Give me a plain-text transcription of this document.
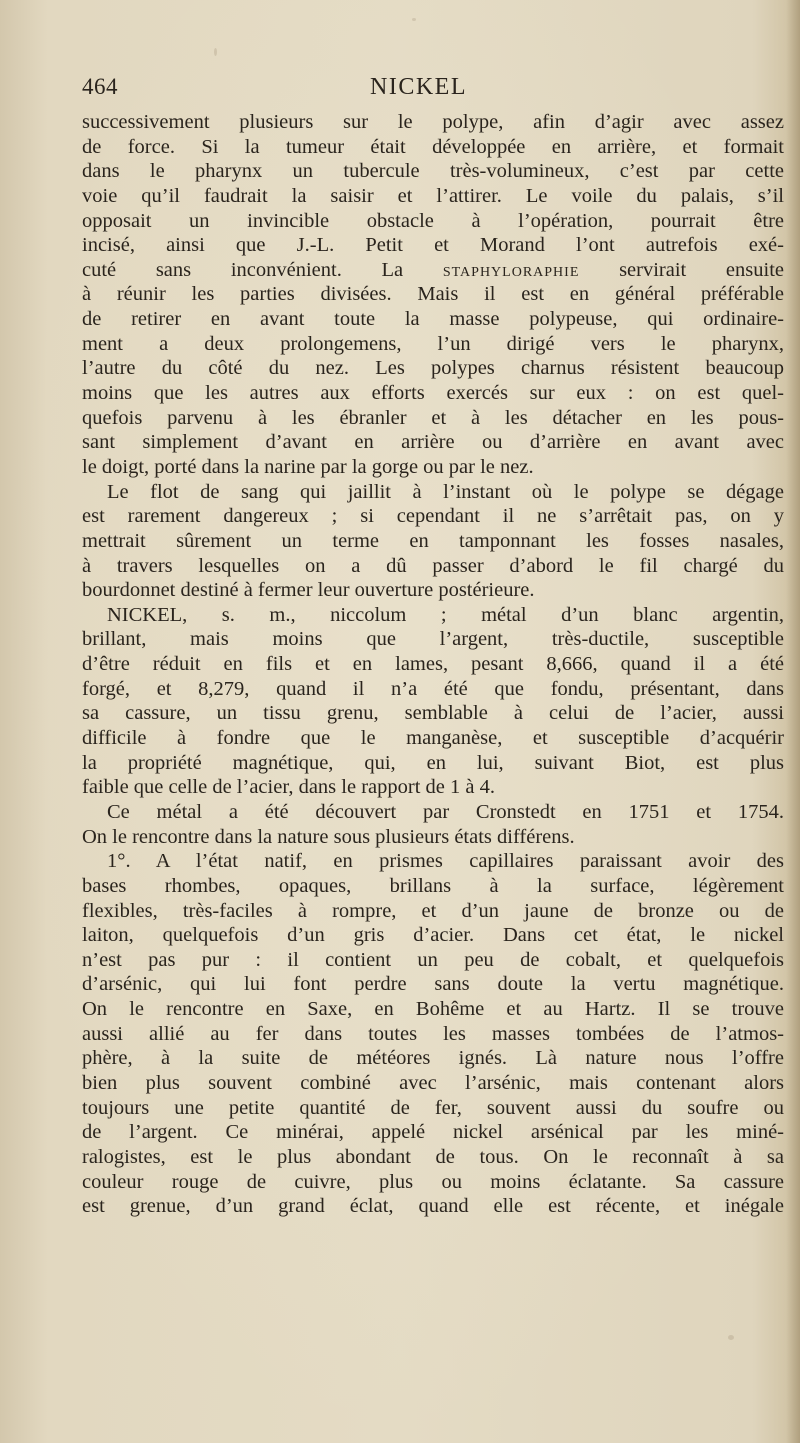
464	NICKEL
successivement plusieurs sur le polype, afin d’agir avec assez
de force. Si la tumeur était développée en arrière, et formait
dans le pharynx un tubercule très-volumineux, c’est par cette
voie qu’il faudrait la saisir et l’attirer. Le voile du palais, s’il
opposait un invincible obstacle à l’opération, pourrait être
incisé, ainsi que J.-L. Petit et Morand l’ont autrefois exé-
cuté sans inconvénient. La staphyloraphie servirait ensuite
à réunir les parties divisées. Mais il est en général préférable
de retirer en avant toute la masse polypeuse, qui ordinaire-
ment a deux prolongemens, l’un dirigé vers le pharynx,
l’autre du côté du nez. Les polypes charnus résistent beaucoup
moins que les autres aux efforts exercés sur eux : on est quel-
quefois parvenu à les ébranler et à les détacher en les pous-
sant simplement d’avant en arrière ou d’arrière en avant avec
le doigt, porté dans la narine par la gorge ou par le nez.
Le flot de sang qui jaillit à l’instant où le polype se dégage
est rarement dangereux ; si cependant il ne s’arrêtait pas, on y
mettrait sûrement un terme en tamponnant les fosses nasales,
à travers lesquelles on a dû passer d’abord le fil chargé du
bourdonnet destiné à fermer leur ouverture postérieure.
NICKEL, s. m., niccolum ; métal d’un blanc argentin,
brillant, mais moins que l’argent, très-ductile, susceptible
d’être réduit en fils et en lames, pesant 8,666, quand il a été
forgé, et 8,279, quand il n’a été que fondu, présentant, dans
sa cassure, un tissu grenu, semblable à celui de l’acier, aussi
difficile à fondre que le manganèse, et susceptible d’acquérir
la propriété magnétique, qui, en lui, suivant Biot, est plus
faible que celle de l’acier, dans le rapport de 1 à 4.
Ce métal a été découvert par Cronstedt en 1751 et 1754.
On le rencontre dans la nature sous plusieurs états différens.
1°. A l’état natif, en prismes capillaires paraissant avoir des
bases rhombes, opaques, brillans à la surface, légèrement
flexibles, très-faciles à rompre, et d’un jaune de bronze ou de
laiton, quelquefois d’un gris d’acier. Dans cet état, le nickel
n’est pas pur : il contient un peu de cobalt, et quelquefois
d’arsénic, qui lui font perdre sans doute la vertu magnétique.
On le rencontre en Saxe, en Bohême et au Hartz. Il se trouve
aussi allié au fer dans toutes les masses tombées de l’atmos-
phère, à la suite de météores ignés. Là nature nous l’offre
bien plus souvent combiné avec l’arsénic, mais contenant alors
toujours une petite quantité de fer, souvent aussi du soufre ou
de l’argent. Ce minérai, appelé nickel arsénical par les miné-
ralogistes, est le plus abondant de tous. On le reconnaît à sa
couleur rouge de cuivre, plus ou moins éclatante. Sa cassure
est grenue, d’un grand éclat, quand elle est récente, et inégale
